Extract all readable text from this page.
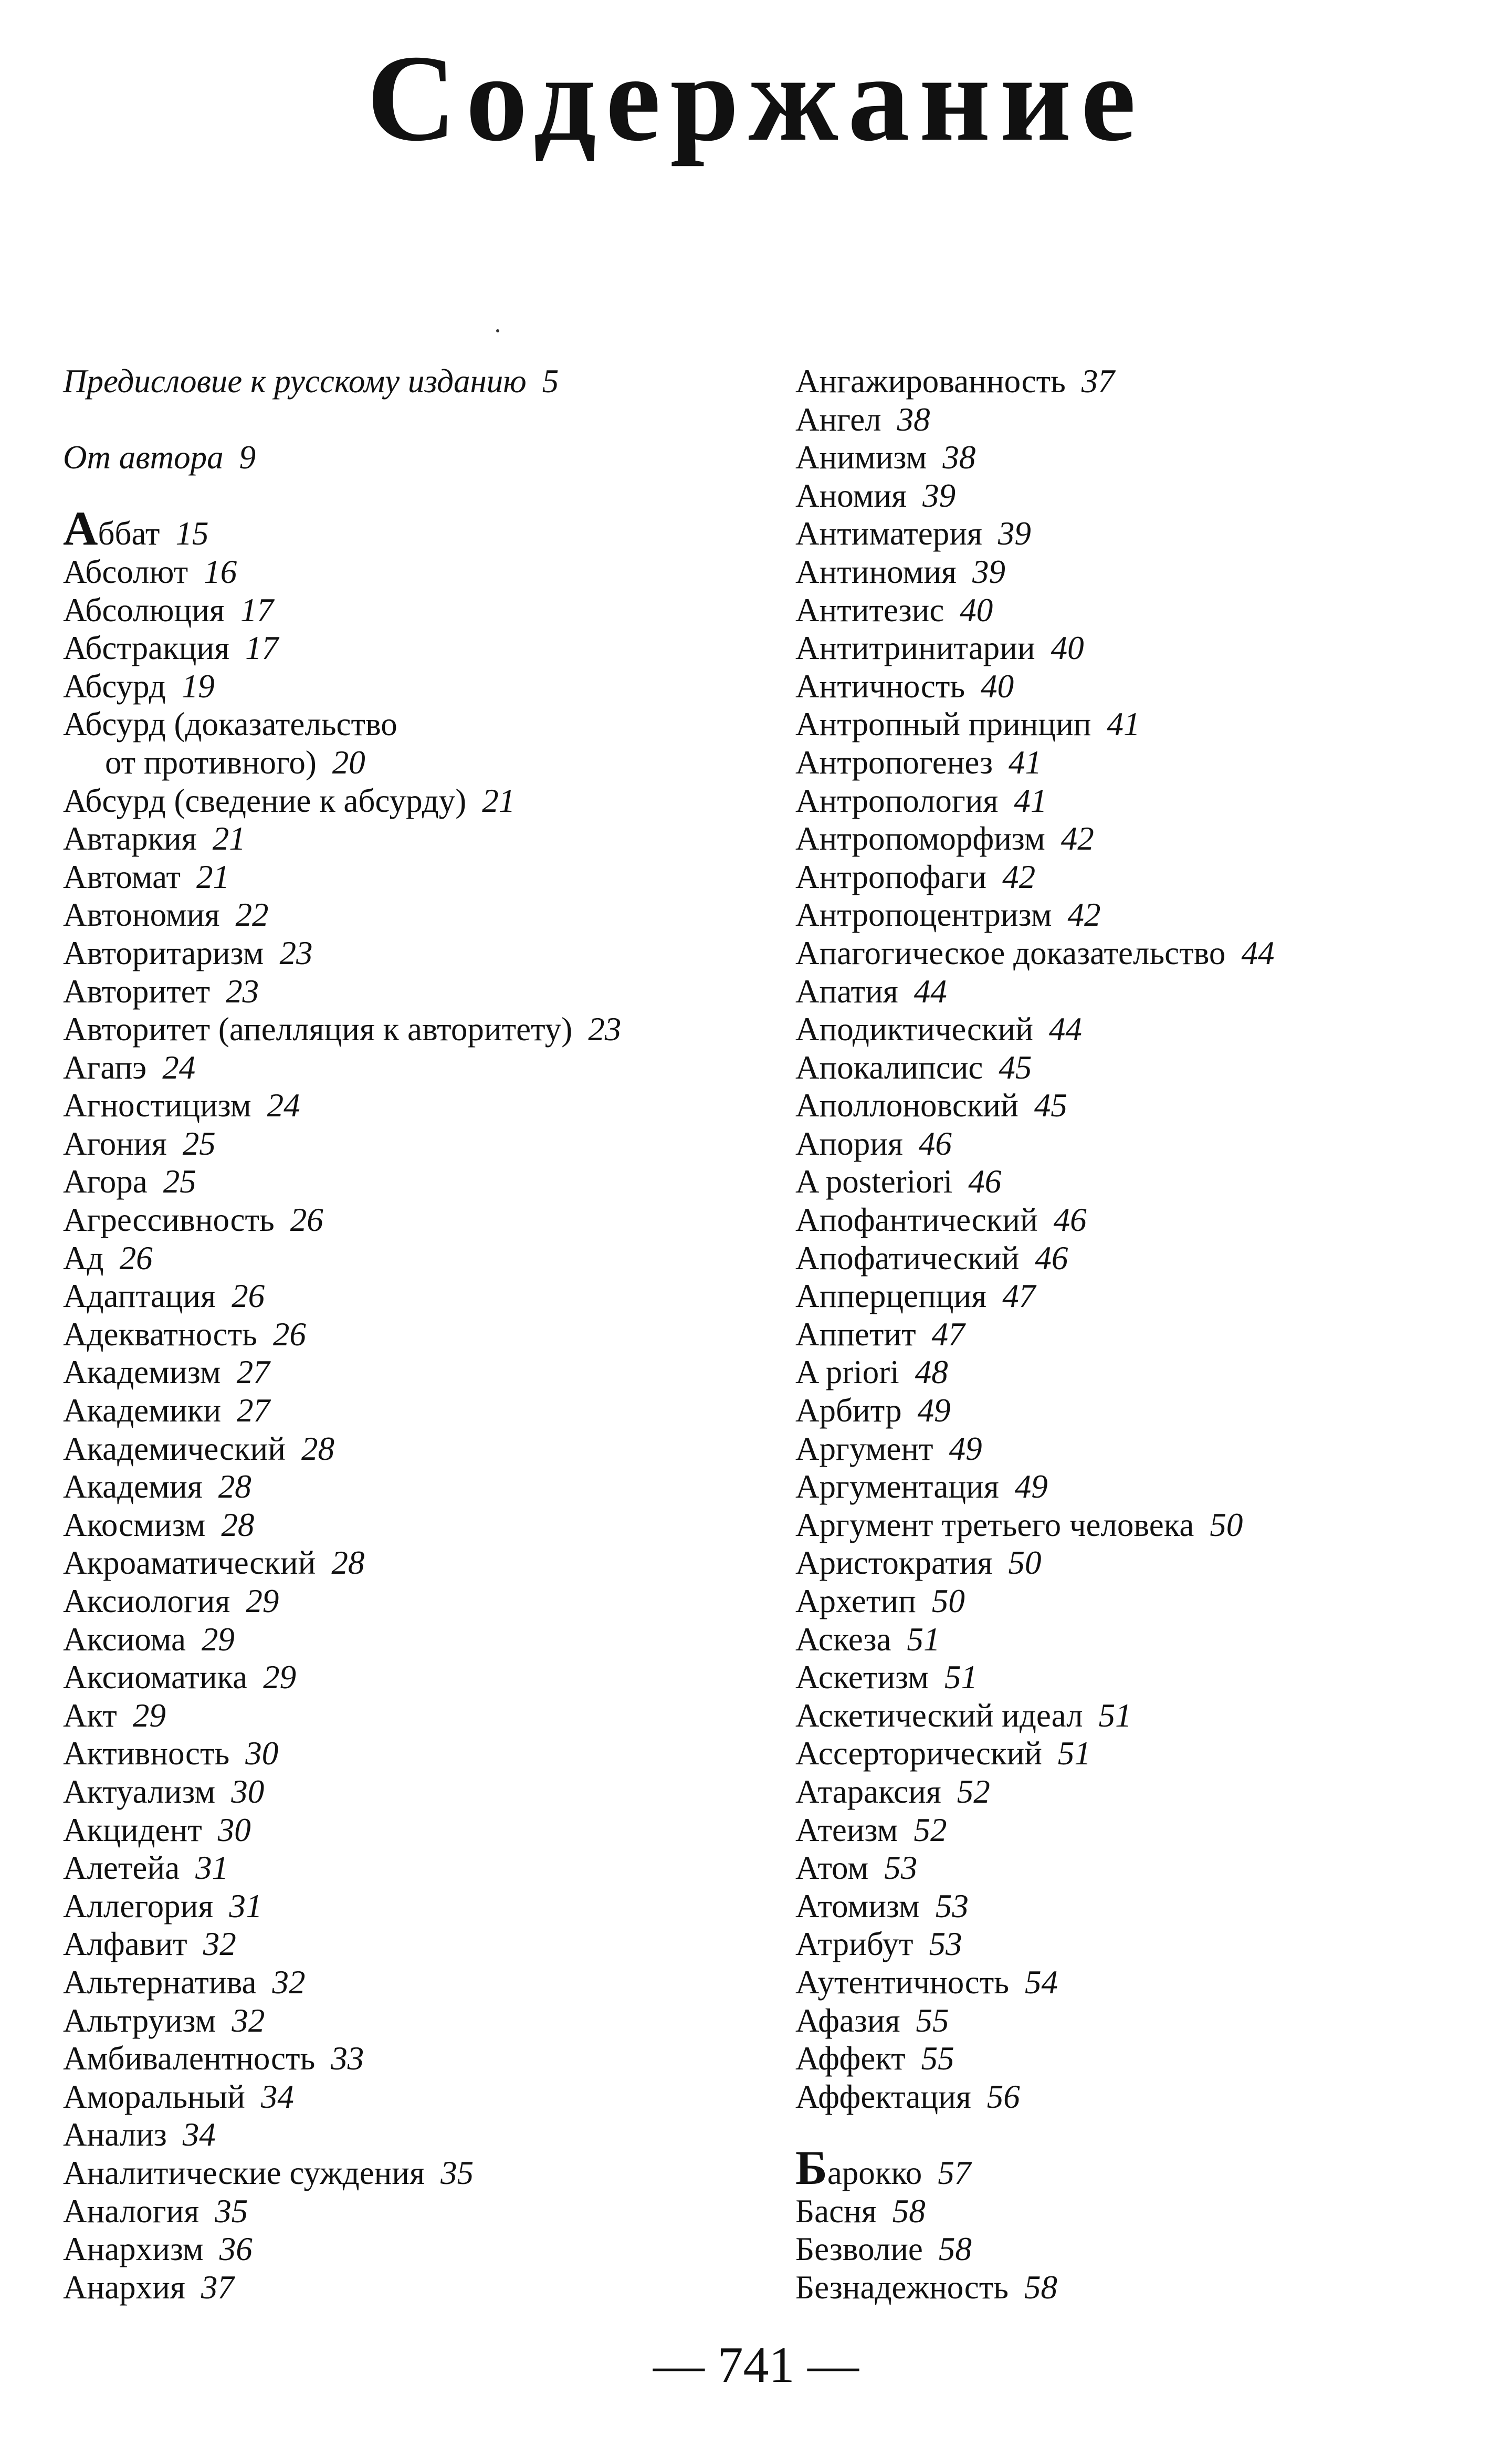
Содержание
Предисловие к русскому изданию 5
От автора 9
Аббат 15
Абсолют 16
Абсолюция 17
Абстракция 17
Абсурд 19
Абсурд (доказательство
от противного) 20
Абсурд (сведение к абсурду) 21
Автаркия 21
Автомат 21
Автономия 22
Авторитаризм 23
Авторитет 23
Авторитет (апелляция к авторитету) 23
Агапэ 24
Агностицизм 24
Агония 25
Агора 25
Агрессивность 26
Ад 26
Адаптация 26
Адекватность 26
Академизм 27
Академики 27
Академический 28
Академия 28
Акосмизм 28
Акроаматический 28
Аксиология 29
Аксиома 29
Аксиоматика 29
Акт 29
Активность 30
Актуализм 30
Акцидент 30
Алетейа 31
Аллегория 31
Алфавит 32
Альтернатива 32
Альтруизм 32
Амбивалентность 33
Аморальный 34
Анализ 34
Аналитические суждения 35
Аналогия 35
Анархизм 36
Анархия 37
Ангажированность 37
Ангел 38
Анимизм 38
Аномия 39
Антиматерия 39
Антиномия 39
Антитезис 40
Антитринитарии 40
Античность 40
Антропный принцип 41
Антропогенез 41
Антропология 41
Антропоморфизм 42
Антропофаги 42
Антропоцентризм 42
Апагогическое доказательство 44
Апатия 44
Аподиктический 44
Апокалипсис 45
Аполлоновский 45
Апория 46
A posteriori 46
Апофантический 46
Апофатический 46
Апперцепция 47
Аппетит 47
A priori 48
Арбитр 49
Аргумент 49
Аргументация 49
Аргумент третьего человека 50
Аристократия 50
Архетип 50
Аскеза 51
Аскетизм 51
Аскетический идеал 51
Ассерторический 51
Атараксия 52
Атеизм 52
Атом 53
Атомизм 53
Атрибут 53
Аутентичность 54
Афазия 55
Аффект 55
Аффектация 56
Барокко 57
Басня 58
Безволие 58
Безнадежность 58
— 741 —
